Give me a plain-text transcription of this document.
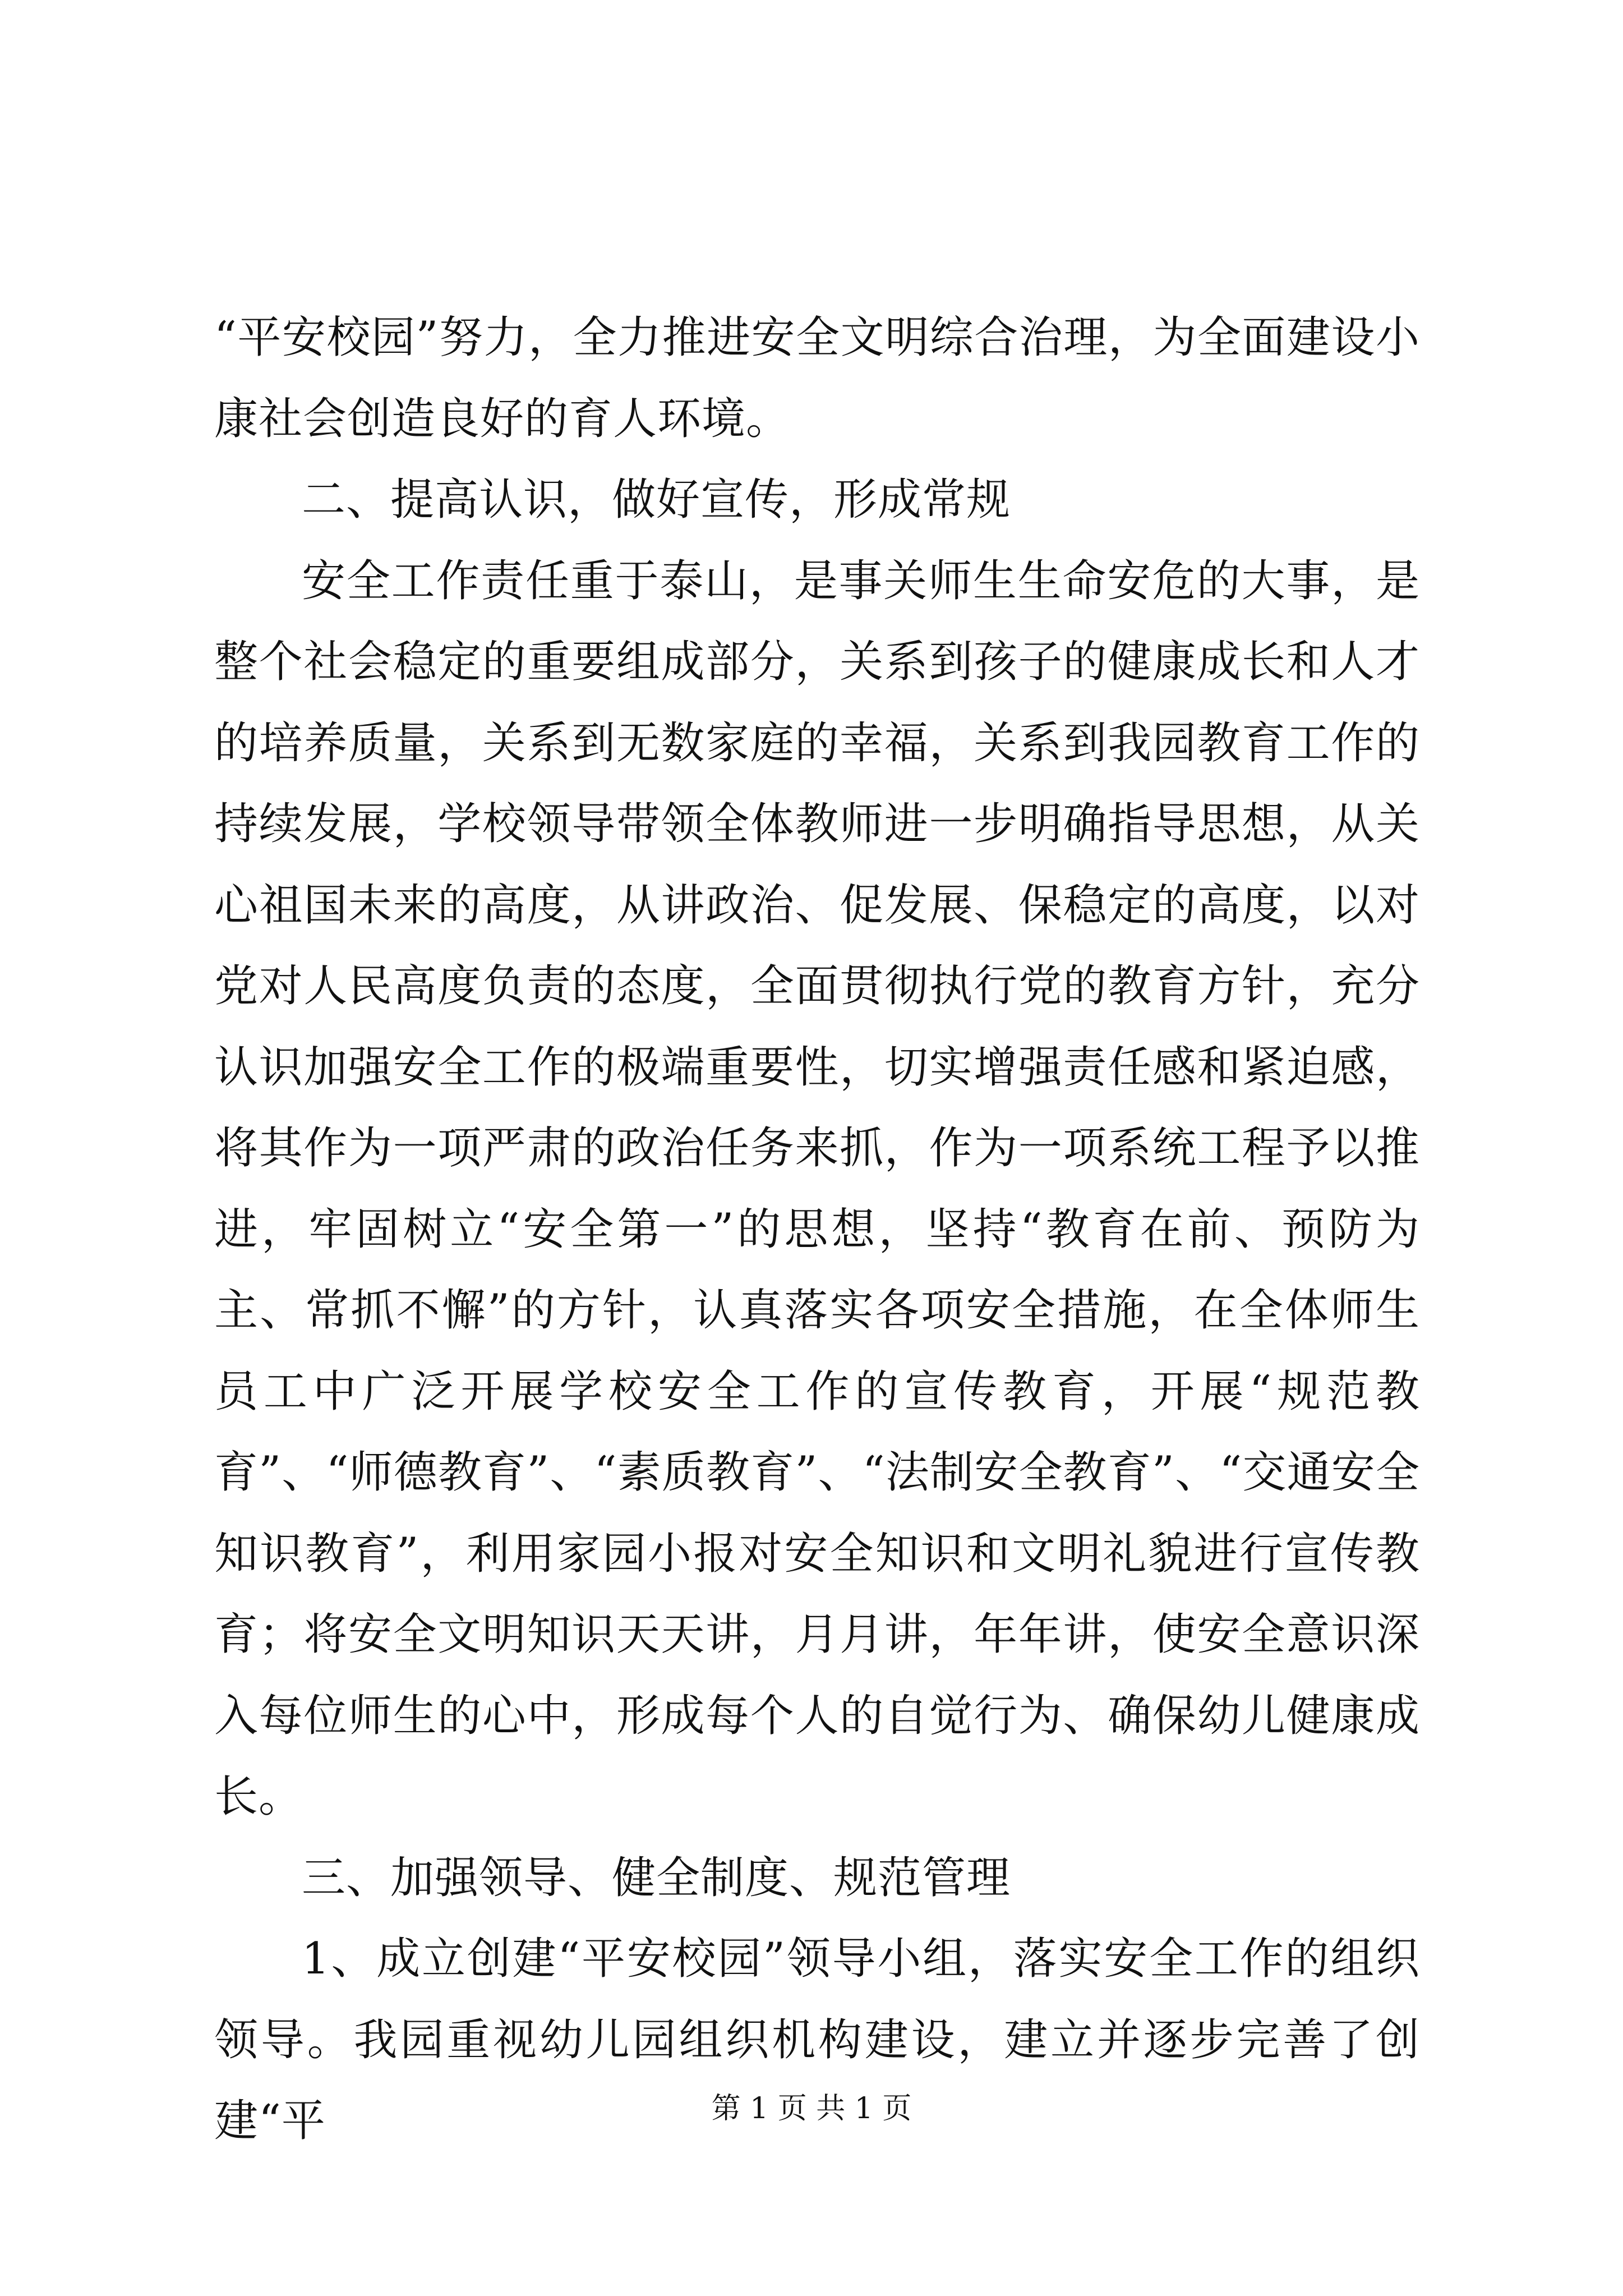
“平安校园”努力，全力推进安全文明综合治理，为全面建设小康社会创造良好的育人环境。

二、提高认识，做好宣传，形成常规

安全工作责任重于泰山，是事关师生生命安危的大事，是整个社会稳定的重要组成部分，关系到孩子的健康成长和人才的培养质量，关系到无数家庭的幸福，关系到我园教育工作的持续发展，学校领导带领全体教师进一步明确指导思想，从关心祖国未来的高度，从讲政治、促发展、保稳定的高度，以对党对人民高度负责的态度，全面贯彻执行党的教育方针，充分认识加强安全工作的极端重要性，切实增强责任感和紧迫感，将其作为一项严肃的政治任务来抓，作为一项系统工程予以推进，牢固树立“安全第一”的思想，坚持“教育在前、预防为主、常抓不懈”的方针，认真落实各项安全措施，在全体师生员工中广泛开展学校安全工作的宣传教育，开展“规范教育”、“师德教育”、“素质教育”、“法制安全教育”、“交通安全知识教育”，利用家园小报对安全知识和文明礼貌进行宣传教育；将安全文明知识天天讲，月月讲，年年讲，使安全意识深入每位师生的心中，形成每个人的自觉行为、确保幼儿健康成长。

三、加强领导、健全制度、规范管理

1、成立创建“平安校园”领导小组，落实安全工作的组织领导。我园重视幼儿园组织机构建设，建立并逐步完善了创建“平	第 1 页 共 1 页
